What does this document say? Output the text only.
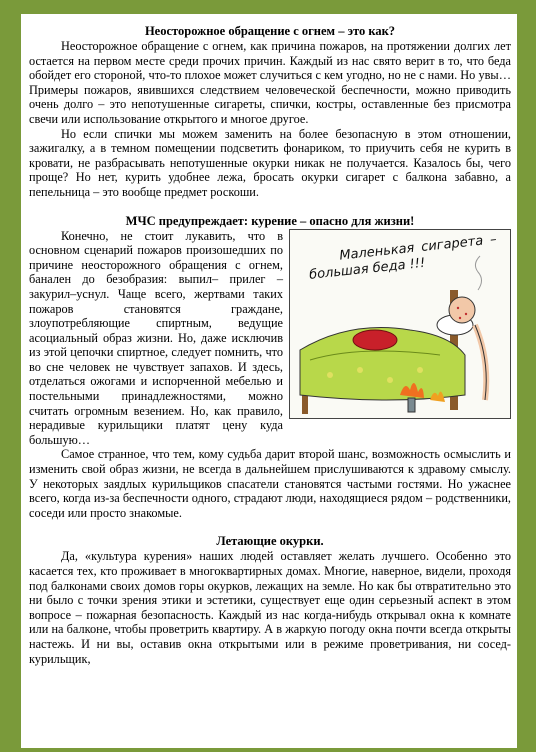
Неосторожное обращение с огнем – это как?

Неосторожное обращение с огнем, как причина пожаров, на протяжении долгих лет остается на первом месте среди прочих причин. Каждый из нас свято верит в то, что беда обойдет его стороной, что-то плохое может случиться с кем угодно, но не с нами. Но увы… Примеры пожаров, явившихся следствием человеческой беспечности, можно приводить очень долго – это непотушенные сигареты, спички, костры, оставленные без присмотра свечи или использование открытого и многое другое.

Но если спички мы можем заменить на более безопасную в этом отношении, зажигалку, а в темном помещении подсветить фонариком, то приучить себя не курить в кровати, не разбрасывать непотушенные окурки никак не получается. Казалось бы, чего проще? Но нет, курить удобнее лежа, бросать окурки сигарет с балкона забавно, а пепельница – это вообще предмет роскоши.

МЧС предупреждает: курение – опасно для жизни!

Маленькая сигарета – большая беда !!!
Конечно, не стоит лукавить, что в основном сценарий пожаров произошедших по причине неосторожного обращения с огнем, банален до безобразия: выпил– прилег – закурил–уснул. Чаще всего, жертвами таких пожаров становятся граждане, злоупотребляющие спиртным, ведущие асоциальный образ жизни. Но, даже исключив из этой цепочки спиртное, следует помнить, что во сне человек не чувствует запахов. И здесь, отделаться ожогами и испорченной мебелью и постельными принадлежностями, можно считать огромным везением. Но, как правило, нерадивые курильщики платят цену куда большую…

Самое странное, что тем, кому судьба дарит второй шанс, возможность осмыслить и изменить свой образ жизни, не всегда в дальнейшем прислушиваются к здравому смыслу. У некоторых заядлых курильщиков спасатели становятся частыми гостями. Но ужаснее всего, когда из-за беспечности одного, страдают люди, находящиеся рядом – родственники, соседи или просто знакомые.

Летающие окурки.

Да, «культура курения» наших людей оставляет желать лучшего. Особенно это касается тех, кто проживает в многоквартирных домах. Многие, наверное, видели, проходя под балконами своих домов горы окурков, лежащих на земле. Но как бы отвратительно это ни было с точки зрения этики и эстетики, существует еще один серьезный аспект в этом вопросе – пожарная безопасность. Каждый из нас когда-нибудь открывал окна к комнате или на балконе, чтобы проветрить квартиру. А в жаркую погоду окна почти всегда открыты настежь. И ни вы, оставив окна открытыми или в режиме проветривания, ни сосед-курильщик,
